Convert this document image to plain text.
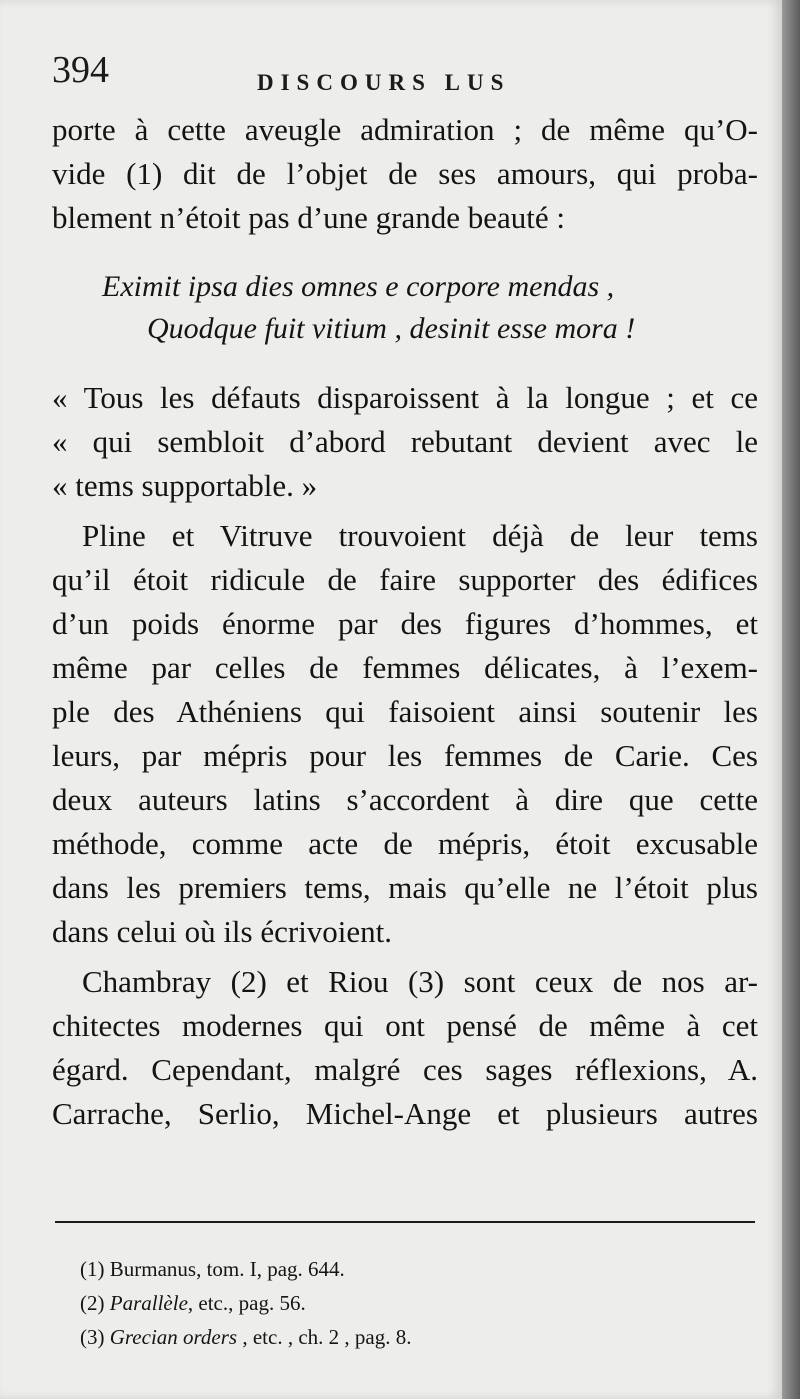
394	DISCOURS LUS
porte à cette aveugle admiration ; de même qu’O-
vide (1) dit de l’objet de ses amours, qui proba-
blement n’étoit pas d’une grande beauté :
Eximit ipsa dies omnes e corpore mendas ,
Quodque fuit vitium , desinit esse mora !
« Tous les défauts disparoissent à la longue ; et ce
« qui sembloit d’abord rebutant devient avec le
« tems supportable. »
Pline et Vitruve trouvoient déjà de leur tems
qu’il étoit ridicule de faire supporter des édifices
d’un poids énorme par des figures d’hommes, et
même par celles de femmes délicates, à l’exem-
ple des Athéniens qui faisoient ainsi soutenir les
leurs, par mépris pour les femmes de Carie. Ces
deux auteurs latins s’accordent à dire que cette
méthode, comme acte de mépris, étoit excusable
dans les premiers tems, mais qu’elle ne l’étoit plus
dans celui où ils écrivoient.
Chambray (2) et Riou (3) sont ceux de nos ar-
chitectes modernes qui ont pensé de même à cet
égard. Cependant, malgré ces sages réflexions, A.
Carrache, Serlio, Michel-Ange et plusieurs autres
(1) Burmanus, tom. I, pag. 644.
(2) Parallèle, etc., pag. 56.
(3) Grecian orders , etc. , ch. 2 , pag. 8.
